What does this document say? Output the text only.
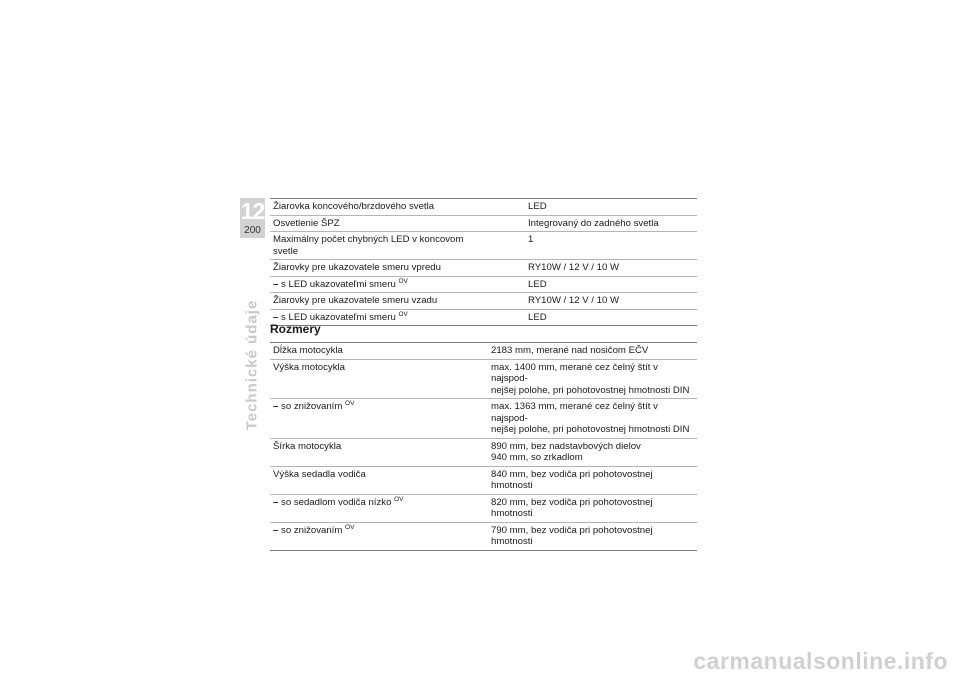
12
200
Technické údaje
Žiarovka koncového/brzdového svetla	LED
Osvetlenie ŠPZ	Integrovaný do zadného svetla
Maximálny počet chybných LED v koncovom svetle	1
Žiarovky pre ukazovatele smeru vpredu	RY10W / 12 V / 10 W
– s LED ukazovateľmi smeru $^{OV}$	LED
Žiarovky pre ukazovatele smeru vzadu	RY10W / 12 V / 10 W
– s LED ukazovateľmi smeru $^{OV}$	LED
Rozmery
Dĺžka motocykla	2183 mm, merané nad nosičom EČV
Výška motocykla	max. 1400 mm, merané cez čelný štít v najspod-
nejšej polohe, pri pohotovostnej hmotnosti DIN
– so znižovaním $^{OV}$	max. 1363 mm, merané cez čelný štít v najspod-
nejšej polohe, pri pohotovostnej hmotnosti DIN
Šírka motocykla	890 mm, bez nadstavbových dielov
940 mm, so zrkadlom
Výška sedadla vodiča	840 mm, bez vodiča pri pohotovostnej hmotnosti
– so sedadlom vodiča nízko $^{OV}$	820 mm, bez vodiča pri pohotovostnej hmotnosti
– so znižovaním $^{OV}$	790 mm, bez vodiča pri pohotovostnej hmotnosti
carmanualsonline.info
